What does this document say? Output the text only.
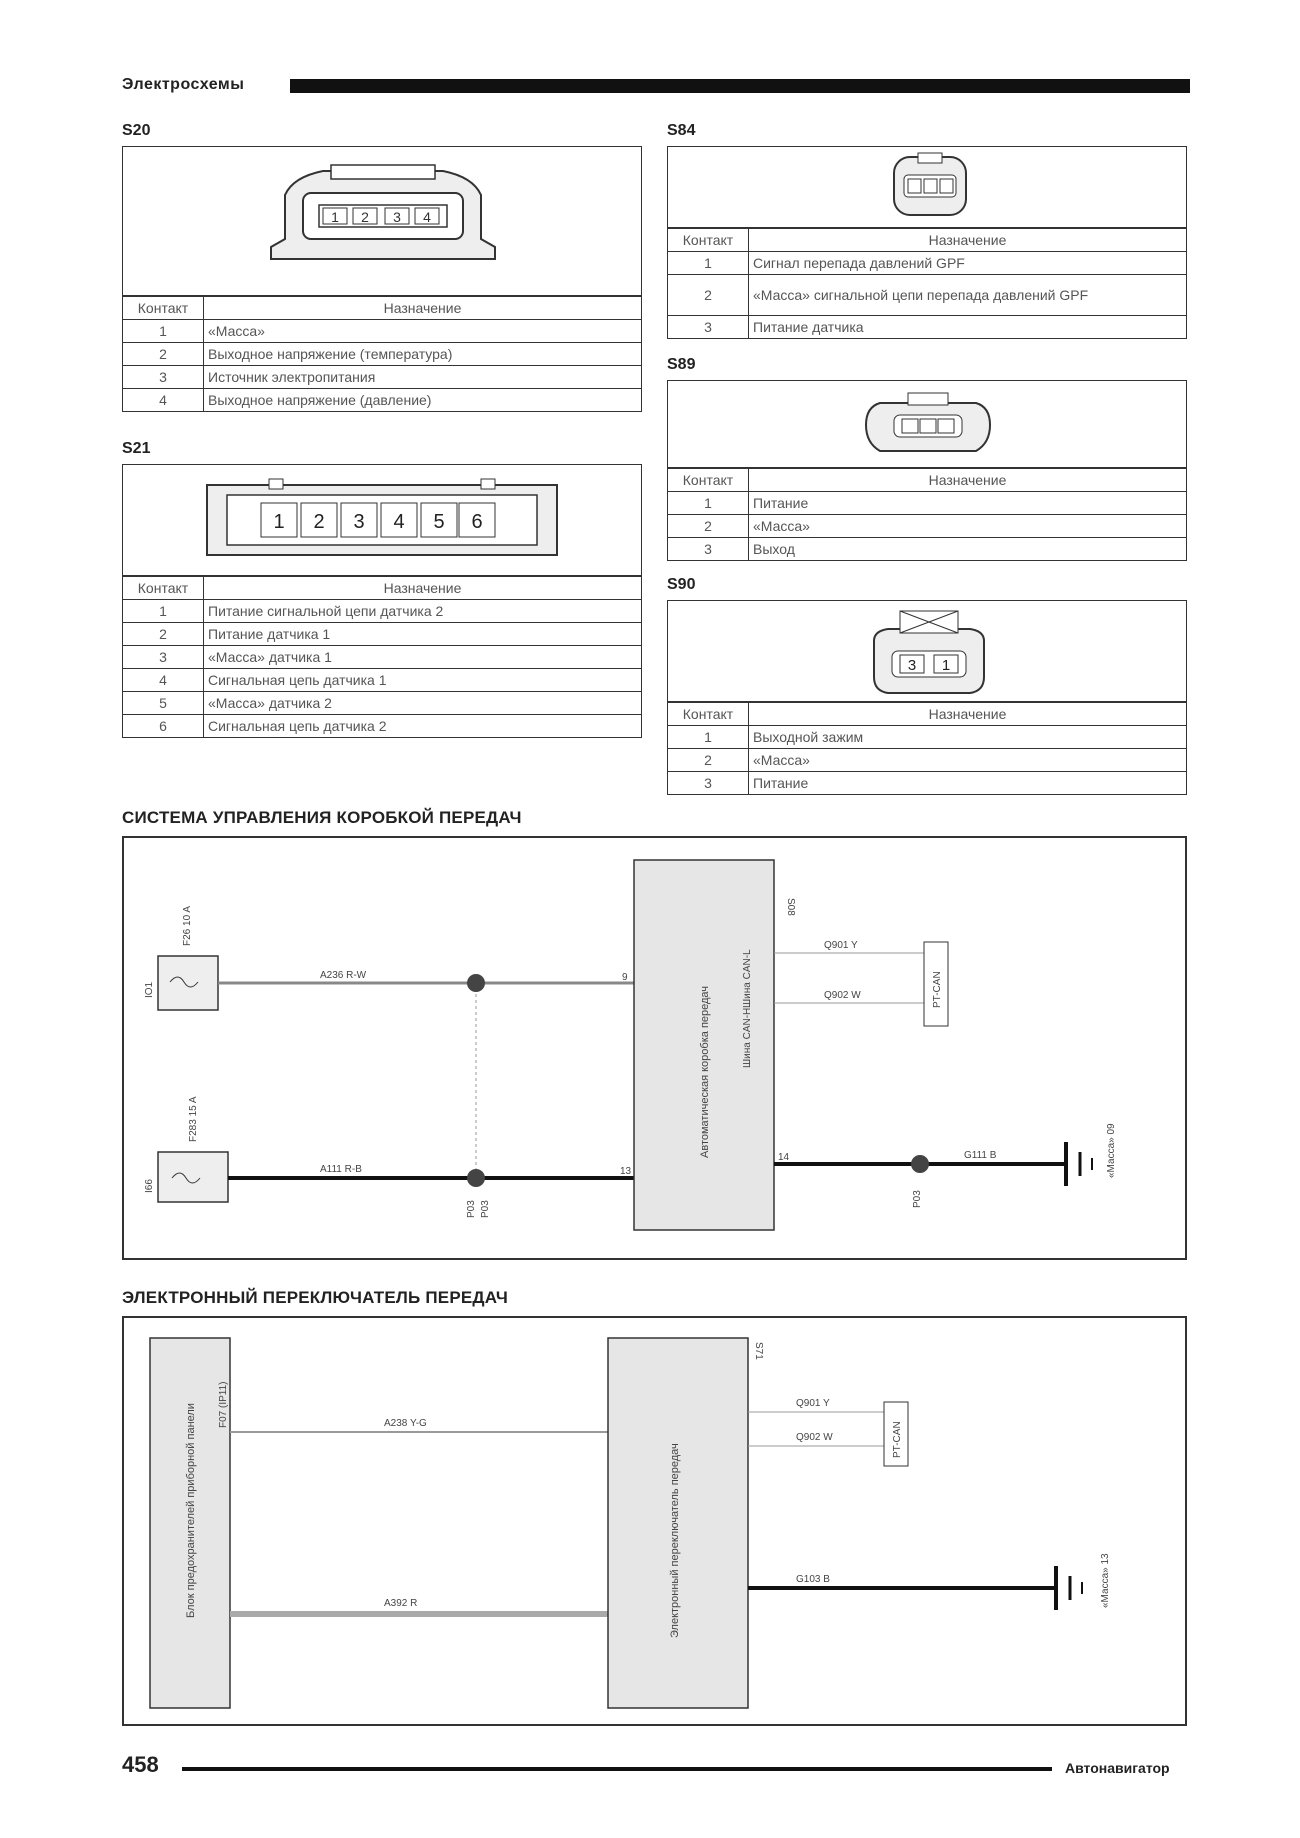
Электросхемы
S20
1 2 3 4
Контакт	Назначение
1	«Масса»
2	Выходное напряжение (температура)
3	Источник электропитания
4	Выходное напряжение (давление)
S21
1 2 3 4 5 6
Контакт	Назначение
1	Питание сигнальной цепи датчика 2
2	Питание датчика 1
3	«Масса» датчика 1
4	Сигнальная цепь датчика 1
5	«Масса» датчика 2
6	Сигнальная цепь датчика 2
S84
Контакт	Назначение
1	Сигнал перепада давлений GPF
2	«Масса» сигнальной цепи перепада давлений GPF
3	Питание датчика
S89
Контакт	Назначение
1	Питание
2	«Масса»
3	Выход
S90
3 1
Контакт	Назначение
1	Выходной зажим
2	«Масса»
3	Питание
СИСТЕМА УПРАВЛЕНИЯ КОРОБКОЙ ПЕРЕДАЧ
IO1
F26 10 A
I66
F283 15 A
A236 R-W
A111 R-B
P03 P03
Автоматическая коробка передач
S08
Шина CAN-L
Шина CAN-H
9
13
14
Q901 Y
Q902 W	PT-CAN
P03
G111 B	«Масса» 09
ЭЛЕКТРОННЫЙ ПЕРЕКЛЮЧАТЕЛЬ ПЕРЕДАЧ
Блок предохранителей приборной панели F07 (IP11)	A238 Y-G
A392 R	Электронный переключатель передач
S71
Q901 Y
Q902 W	PT-CAN
G103 B	«Масса» 13
458	Автонавигатор
